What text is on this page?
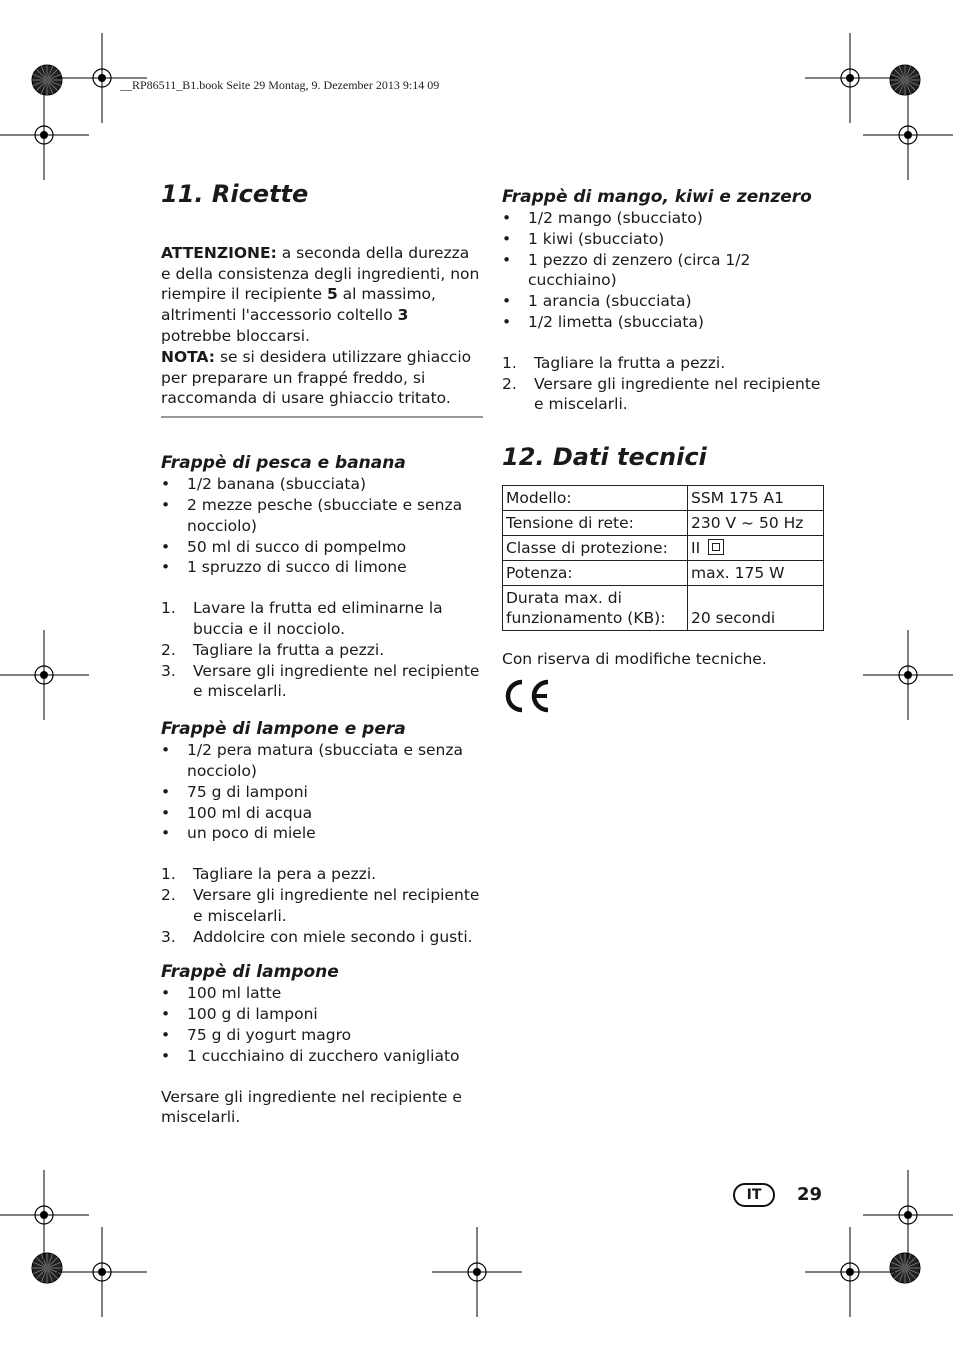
__RP86511_B1.book Seite 29 Montag, 9. Dezember 2013 9:14 09
11. Ricette

ATTENZIONE: a seconda della durezza e della consistenza degli ingredienti, non riempire il recipiente 5 al massimo, altrimenti l'accessorio coltello 3 potrebbe bloccarsi.

NOTA: se si desidera utilizzare ghiaccio per preparare un frappé freddo, si raccomanda di usare ghiaccio tritato.

Frappè di pesca e banana
• 1/2 banana (sbucciata)
• 2 mezze pesche (sbucciate e senza nocciolo)
• 50 ml di succo di pompelmo
• 1 spruzzo di succo di limone
1. Lavare la frutta ed eliminarne la buccia e il nocciolo.
2. Tagliare la frutta a pezzi.
3. Versare gli ingrediente nel recipiente e miscelarli.
Frappè di lampone e pera
• 1/2 pera matura (sbucciata e senza nocciolo)
• 75 g di lamponi
• 100 ml di acqua
• un poco di miele
1. Tagliare la pera a pezzi.
2. Versare gli ingrediente nel recipiente e miscelarli.
3. Addolcire con miele secondo i gusti.
Frappè di lampone
• 100 ml latte
• 100 g di lamponi
• 75 g di yogurt magro
• 1 cucchiaino di zucchero vanigliato

Versare gli ingrediente nel recipiente e miscelarli.

Frappè di mango, kiwi e zenzero
• 1/2 mango (sbucciato)
• 1 kiwi (sbucciato)
• 1 pezzo di zenzero (circa 1/2 cucchiaino)
• 1 arancia (sbucciata)
• 1/2 limetta (sbucciata)
1. Tagliare la frutta a pezzi.
2. Versare gli ingrediente nel recipiente e miscelarli.
12. Dati tecnici
Modello:	SSM 175 A1
Tensione di rete:	230 V ~ 50 Hz
Classe di protezione:	II
Potenza:	max. 175 W
Durata max. di funzionamento (KB):	20 secondi

Con riserva di modifiche tecniche.

IT 29
